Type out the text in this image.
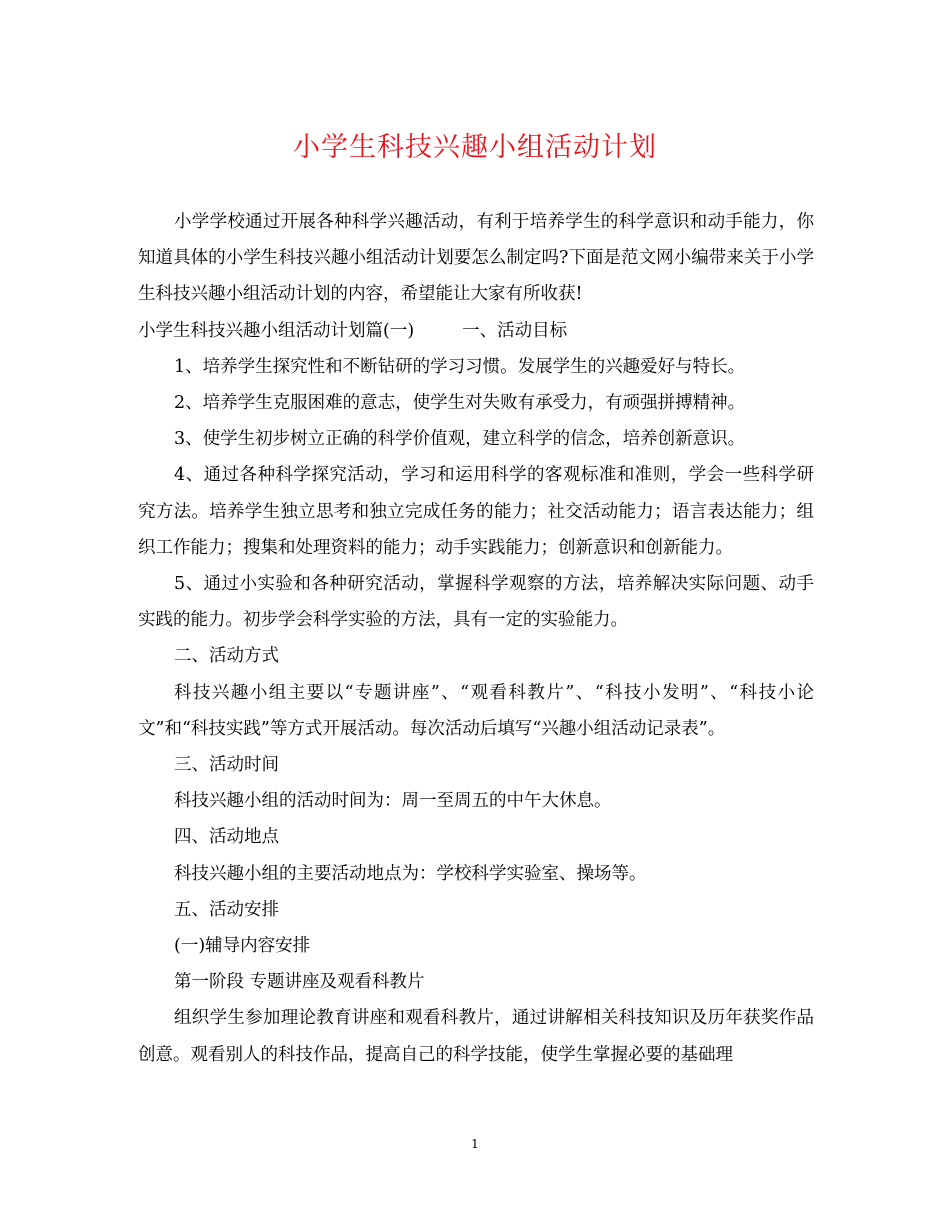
小学生科技兴趣小组活动计划

小学学校通过开展各种科学兴趣活动，有利于培养学生的科学意识和动手能力，你知道具体的小学生科技兴趣小组活动计划要怎么制定吗?下面是范文网小编带来关于小学生科技兴趣小组活动计划的内容，希望能让大家有所收获!

小学生科技兴趣小组活动计划篇(一)	一、活动目标

1、培养学生探究性和不断钻研的学习习惯。发展学生的兴趣爱好与特长。

2、培养学生克服困难的意志，使学生对失败有承受力，有顽强拼搏精神。

3、使学生初步树立正确的科学价值观，建立科学的信念，培养创新意识。

4、通过各种科学探究活动，学习和运用科学的客观标准和准则，学会一些科学研究方法。培养学生独立思考和独立完成任务的能力；社交活动能力；语言表达能力；组织工作能力；搜集和处理资料的能力；动手实践能力；创新意识和创新能力。

5、通过小实验和各种研究活动，掌握科学观察的方法，培养解决实际问题、动手实践的能力。初步学会科学实验的方法，具有一定的实验能力。

二、活动方式

科技兴趣小组主要以“专题讲座”、“观看科教片”、“科技小发明”、“科技小论文”和“科技实践”等方式开展活动。每次活动后填写“兴趣小组活动记录表”。

三、活动时间

科技兴趣小组的活动时间为：周一至周五的中午大休息。

四、活动地点

科技兴趣小组的主要活动地点为：学校科学实验室、操场等。

五、活动安排

(一)辅导内容安排

第一阶段 专题讲座及观看科教片

组织学生参加理论教育讲座和观看科教片，通过讲解相关科技知识及历年获奖作品创意。观看别人的科技作品，提高自己的科学技能，使学生掌握必要的基础理

1
